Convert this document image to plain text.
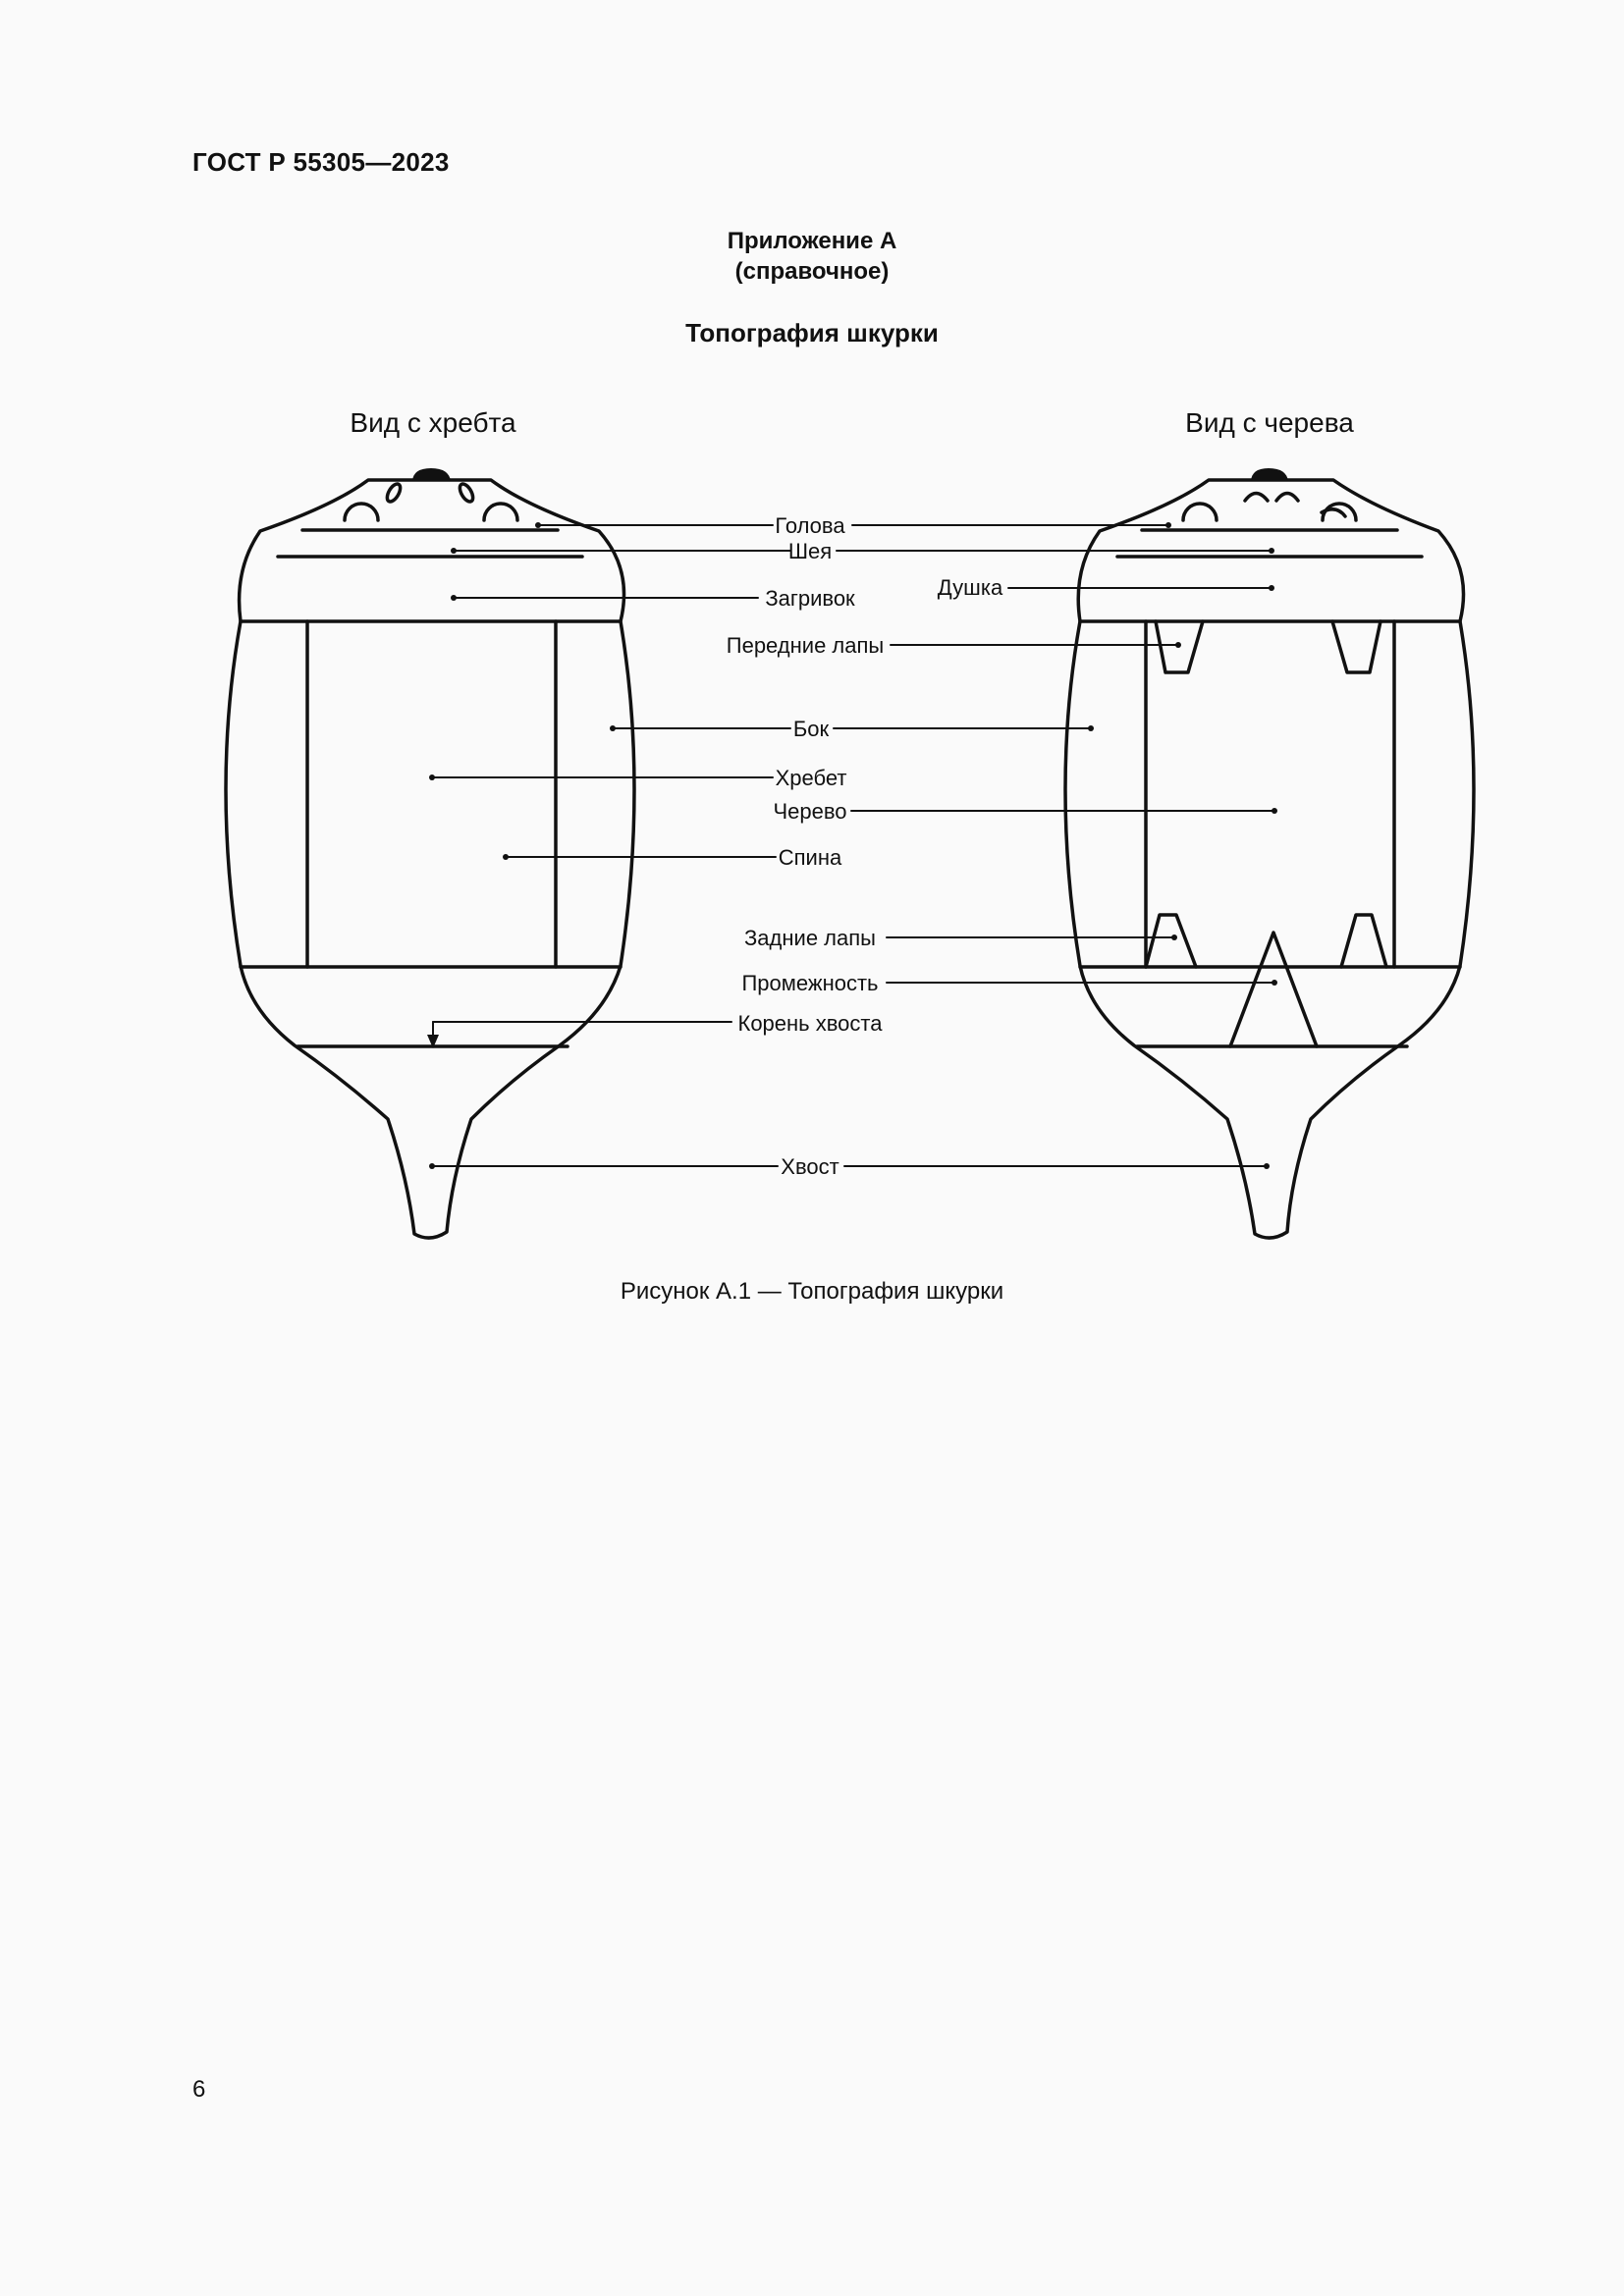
ГОСТ Р 55305—2023
Приложение А
(справочное)
Топография шкурки
Вид с хребта	Вид с черева
Голова
Шея
Загривок	Душка
Передние лапы
Бок
Хребет
Черево
Спина
Задние лапы
Промежность
Корень хвоста
Хвост
Рисунок А.1 — Топография шкурки
6
